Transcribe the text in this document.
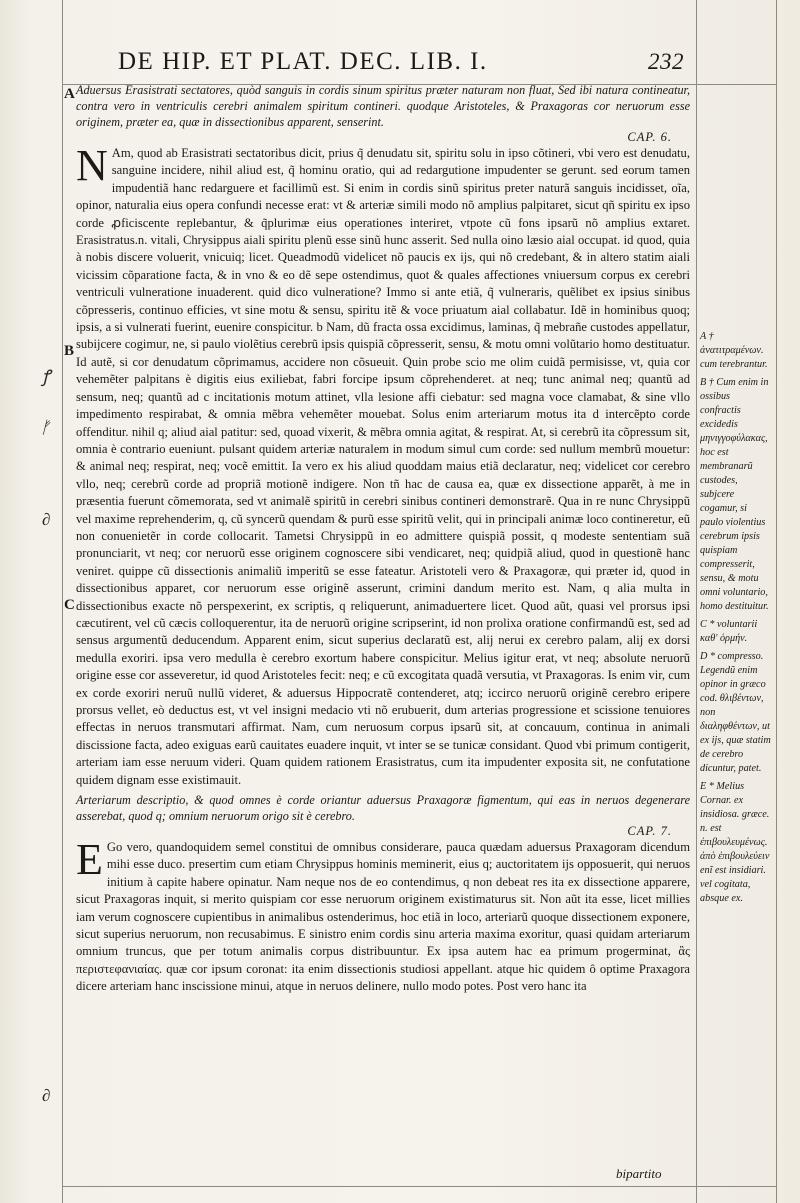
DE HIP. ET PLAT. DEC. LIB. I.	232
A
B
C
ꝭ
ᚠ
∂
∂

Aduersus Erasistrati sectatores, quòd sanguis in cordis sinum spiritus præter naturam non fluat, Sed ibi natura contineatur, contra vero in ventriculis cerebri animalem spiritum contineri. quodque Aristoteles, & Praxagoras cor neruorum esse originem, præter ea, quæ in dissectionibus apparent, senserint.

CAP. 6.

N Am, quod ab Erasistrati sectatoribus dicit, prius q̃ denudatu sit, spiritu solu in ipso cõtineri, vbi vero est denudatu, sanguine incidere, nihil aliud est, q̃ hominu oratio, qui ad redargutione impudenter se gerunt. sed eorum tamen impudentiã hanc redarguere et facillimũ est. Si enim in cordis sinũ spiritus preter naturã sanguis incidisset, oĩa, opinor, naturalia eius opera confundi necesse erat: vt & arteriæ simili modo nõ amplius palpitaret, sicut qñ spiritu ex ipso corde ꝓficiscente replebantur, & q̃plurimæ eius operationes interiret, vtpote cũ fons ipsarũ nõ amplius extaret. Erasistratus.n. vitali, Chrysippus aiali spiritu plenũ esse sinũ hunc asserit. Sed nulla oino læsio aial occupat. id quod, quia à nobis discere voluerit, vnicuiq; licet. Queadmodũ videlicet nõ paucis ex ijs, qui nõ credebant, & in altero statim aiali vicissim cõparatione facta, & in vno & eo dẽ sepe ostendimus, quot & quales affectiones vniuersum corpus ex cerebri ventriculi vulneratione inuaderent. quid dico vulneratione? Immo si ante etiã, q̃ vulneraris, quẽlibet ex ipsius sinibus cõpresseris, continuo efficies, vt sine motu & sensu, spiritu itẽ & voce priuatum aial collabatur. Idẽ in hominibus quoq; ipsis, a si vulnerati fuerint, euenire conspicitur. b Nam, dũ fracta ossa excidimus, laminas, q̃ mebrañe custodes appellatur, subijcere cogimur, ne, si paulo violẽtius cerebrũ ipsis quispiã cõpresserit, sensu, & motu omni volũtario homo destituatur. Id autẽ, si cor denudatum cõprimamus, accidere non cõsueuit. Quin probe scio me olim cuidã permisisse, vt, quia cor vehemẽter palpitans è digitis eius exiliebat, fabri forcipe ipsum cõprehenderet. at neq; tunc animal neq; quantũ ad sensum, neq; quantũ ad c incitationis motum attinet, vlla lesione affi ciebatur: sed magna voce clamabat, & sine vllo impedimento respirabat, & omnia mẽbra vehemẽter mouebat. Solus enim arteriarum motus ita d intercẽpto corde offenditur. nihil q; aliud aial patitur: sed, quoad vixerit, & mẽbra omnia agitat, & respirat. At, si cerebrũ ita cõpressum sit, omnia è contrario eueniunt. pulsant quidem arteriæ naturalem in modum simul cum corde: sed nullum membrũ mouetur: & animal neq; respirat, neq; vocẽ emittit. Ia vero ex his aliud quoddam maius etiã declaratur, neq; videlicet cor cerebro vllo, neq; cerebrũ corde ad propriã motionẽ indigere. Non tñ hac de causa ea, quæ ex dissectione apparẽt, à me in præsentia fuerunt cõmemorata, sed vt animalẽ spiritũ in cerebri sinibus contineri demonstrarẽ. Qua in re nunc Chrysippũ vel maxime reprehenderim, q, cũ syncerũ quendam & purũ esse spiritũ velit, qui in principali animæ loco contineretur, eũ non conuenietẽr in corde collocarit. Tametsi Chrysippũ in eo admittere quispiã possit, q modeste sententiam suã pronunciarit, vt neq; cor neruorũ esse originem cognoscere sibi vendicaret, neq; quidpiã aliud, quod in questionẽ hanc veniret. quippe cũ dissectionis animaliũ imperitũ se esse fateatur. Aristoteli vero & Praxagoræ, qui præter id, quod in dissectionibus apparet, cor neruorum esse originẽ asserunt, crimini dandum merito est. Nam, q alia multa in dissectionibus exacte nõ perspexerint, ex scriptis, q reliquerunt, animaduertere licet. Quod aũt, quasi vel prorsus ipsi cæcutirent, vel cũ cæcis colloquerentur, ita de neruorũ origine scripserint, id non prolixa oratione confirmandũ est, sed ad sensus argumentũ deducendum. Apparent enim, sicut superius declaratũ est, alij nerui ex cerebro palam, alij ex dorsi medulla exoriri. ipsa vero medulla è cerebro exortum habere conspicitur. Melius igitur erat, vt neq; absolute neruorũ origine esse cor asseveretur, id quod Aristoteles fecit: neq; e cũ excogitata quadã versutia, vt Praxagoras. Is enim vir, cum ex corde exoriri neruũ nullũ videret, & aduersus Hippocratẽ contenderet, atq; iccirco neruorũ originẽ cerebro eripere prorsus vellet, eò deductus est, vt vel insigni medacio vti nõ erubuerit, dum arterias progressione et scissione tenuiores effectas in neruos transmutari affirmat. Nam, cum neruosum corpus ipsarũ sit, at concauum, continua in animali discissione facta, adeo exiguas earũ cauitates euadere inquit, vt inter se se tunicæ considant. Quod vbi primum contigerit, arteriam iam esse neruum videri. Quam quidem rationem Erasistratus, cum ita impudenter exposita sit, ne confutatione quidem dignam esse existimauit.

Arteriarum descriptio, & quod omnes è corde oriantur aduersus Praxagoræ figmentum, qui eas in neruos degenerare asserebat, quod q; omnium neruorum origo sit è cerebro.

CAP. 7.

E Go vero, quandoquidem semel constitui de omnibus considerare, pauca quædam aduersus Praxagoram dicendum mihi esse duco. presertim cum etiam Chrysippus hominis meminerit, eius q; auctoritatem ijs opposuerit, qui neruos initium à capite habere opinatur. Nam neque nos de eo contendimus, q non debeat res ita ex dissectione apparere, sicut Praxagoras inquit, si merito quispiam cor esse neruorum originem existimaturus sit. Non aũt ita esse, licet millies iam verum cognoscere cupientibus in animalibus ostenderimus, hoc etiã in loco, arteriarũ quoque dissectionem exponere, sicut superius neruorum, non recusabimus. E sinistro enim cordis sinu arteria maxima exoritur, quasi quidam arteriarum omnium truncus, que per totum animalis corpus distribuuntur. Ex ipsa autem hac ea primum progerminat, ἃς περιστεφανιαίας. quæ cor ipsum coronat: ita enim dissectionis studiosi appellant. atque hic quidem ô optime Praxagora dicere arteriam hanc inscissione minui, atque in neruos delinere, nullo modo potes. Post vero hanc ita

A † ἀνατιτραμένων. cum terebrantur.

B † Cum enim in ossibus confractis excidedis μηνιγγοφύλακας, hoc est membranarũ custodes, subjcere cogamur, si paulo violentius cerebrum ipsis quispiam compresserit, sensu, & motu omni voluntario, homo destituitur.

C * voluntarii καθ' ὁρμήν.

D * compresso. Legendũ enim opinor in græco cod. θλιβέντων, non διαληφθέντων, ut ex ijs, quæ statim de cerebro dicuntur, patet.

E * Melius Cornar. ex insidiosa. græce. n. est ἐπιβουλευμένως. ἀπὸ ἐπιβουλεύειν enĩ est insidiari. vel cogitata, absque ex.

bipartito
